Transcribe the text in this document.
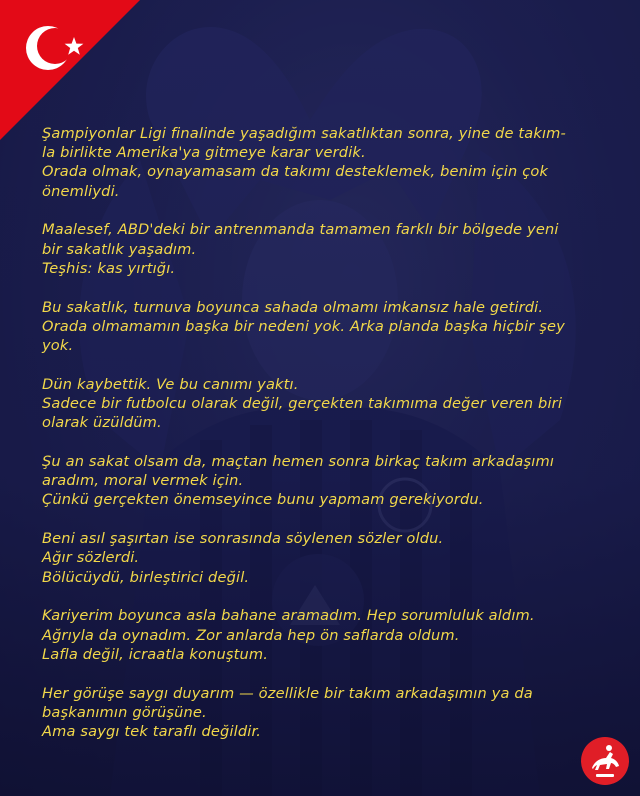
Şampiyonlar Ligi finalinde yaşadığım sakatlıktan sonra, yine de takım-
la birlikte Amerika'ya gitmeye karar verdik.
Orada olmak, oynayamasam da takımı desteklemek, benim için çok
önemliydi.

Maalesef, ABD'deki bir antrenmanda tamamen farklı bir bölgede yeni
bir sakatlık yaşadım.
Teşhis: kas yırtığı.

Bu sakatlık, turnuva boyunca sahada olmamı imkansız hale getirdi.
Orada olmamamın başka bir nedeni yok. Arka planda başka hiçbir şey
yok.

Dün kaybettik. Ve bu canımı yaktı.
Sadece bir futbolcu olarak değil, gerçekten takımıma değer veren biri
olarak üzüldüm.

Şu an sakat olsam da, maçtan hemen sonra birkaç takım arkadaşımı
aradım, moral vermek için.
Çünkü gerçekten önemseyince bunu yapmam gerekiyordu.

Beni asıl şaşırtan ise sonrasında söylenen sözler oldu.
Ağır sözlerdi.
Bölücüydü, birleştirici değil.

Kariyerim boyunca asla bahane aramadım. Hep sorumluluk aldım.
Ağrıyla da oynadım. Zor anlarda hep ön saflarda oldum.
Lafla değil, icraatla konuştum.

Her görüşe saygı duyarım — özellikle bir takım arkadaşımın ya da
başkanımın görüşüne.
Ama saygı tek taraflı değildir.
